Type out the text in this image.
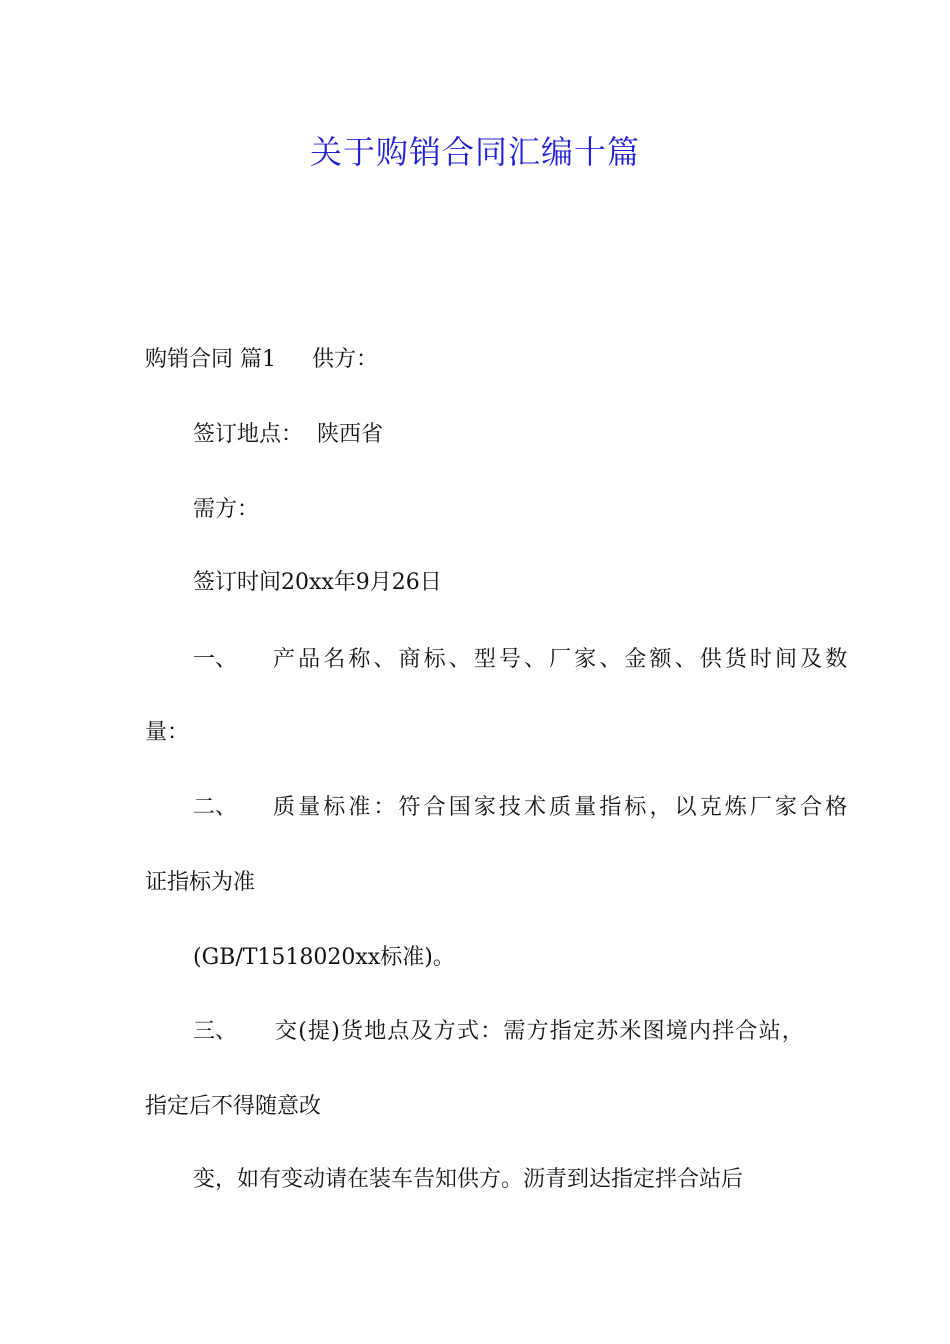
关于购销合同汇编十篇
购销合同 篇1 供方：
签订地点： 陕西省
需方：
签订时间20xx年9月26日
一、 产品名称、商标、型号、厂家、金额、供货时间及数
量：
二、 质量标准：符合国家技术质量指标，以克炼厂家合格
证指标为准
(GB/T1518020xx标准)。
三、 交(提)货地点及方式：需方指定苏米图境内拌合站，
指定后不得随意改
变，如有变动请在装车告知供方。沥青到达指定拌合站后
